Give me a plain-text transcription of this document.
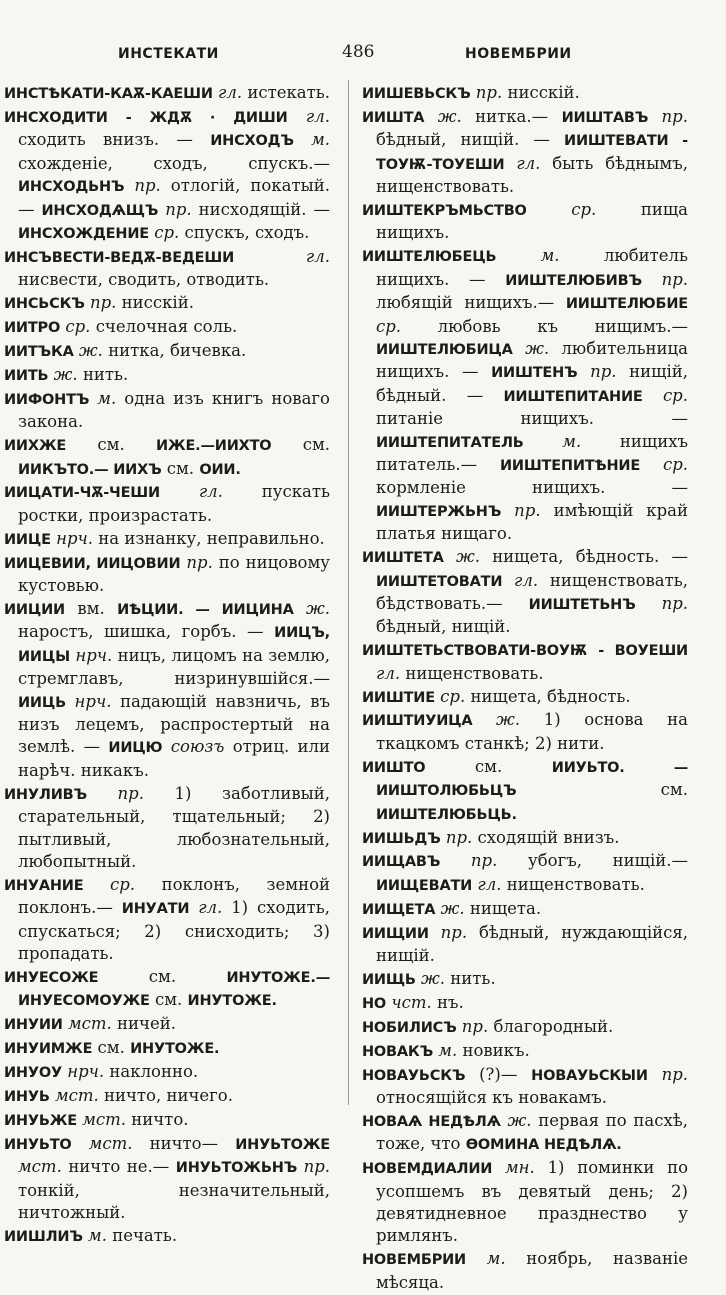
ИНСТЕКАТИ	486	НОВЕМБРИИ

ИНСТѢКАТИ-КАѪ-КАЕШИ гл. истекать.

ИНСХОДИТИ - ЖДѪ · ДИШИ гл. сходить внизъ. — ИНСХОДЪ м. схожденіе, сходъ, спускъ.— ИНСХОДЬНЪ пр. отлогій, покатый. — ИНСХОДѦЩЪ пр. нисходящій. — ИНСХОЖДЕНИЕ ср. спускъ, сходъ.

ИНСЪВЕСТИ-ВЕДѪ-ВЕДЕШИ	гл. нисвести, сводить, отводить.

ИНСЬСКЪ пр. нисскій.

ИИТРО ср. счелочная соль.

ИИТЪКА ж. нитка, бичевка.

ИИТЬ ж. нить.

ИИФОНТЪ м. одна изъ книгъ новаго закона.

ИИХЖЕ см. ИЖЕ.—ИИХТО см. ИИКЪТО.— ИИХЪ см. ОИИ.

ИИЦАТИ-ЧѪ-ЧЕШИ гл. пускать ростки, произрастать.

ИИЦЕ нрч. на изнанку, неправильно.

ИИЦЕВИИ, ИИЦОВИИ пр. по ницовому кустовью.

ИИЦИИ вм. ИѢЦИИ. — ИИЦИНА ж. наростъ, шишка, горбъ. — ИИЦЪ, ИИЦЫ нрч. ницъ, лицомъ на землю, стремглавъ, низринувшійся.— ИИЦЬ нрч. падающій навзничь, въ низъ лецемъ, распростертый на землѣ. — ИИЦЮ союзъ отриц. или нарѣч. никакъ.

ИНУЛИВЪ пр. 1) заботливый, старательный, тщательный; 2) пытливый, любознательный, любопытный.

ИНУАНИЕ ср. поклонъ, земной поклонъ.— ИНУАТИ гл. 1) сходить, спускаться; 2) снисходить; 3) пропадать.

ИНУЕСОЖЕ	см.	ИНУТОЖЕ.—ИНУЕСОМОУЖЕ см. ИНУТОЖЕ.

ИНУИИ мст. ничей.

ИНУИМЖЕ см. ИНУТОЖЕ.

ИНУОУ нрч. наклонно.

ИНУЬ мст. ничто, ничего.

ИНУЬЖЕ мст. ничто.

ИНУЬТО мст. ничто— ИНУЬТОЖЕ мст. ничто не.— ИНУЬТОЖЬНЪ пр. тонкій, незначительный, ничтожный.

ИИШЛИЪ м. печать.

ИИШЕВЬСКЪ пр. нисскій.

ИИШТА ж. нитка.— ИИШТАВЪ пр. бѣдный, нищій. — ИИШТЕВАТИ - ТОУѬ-ТОУЕШИ гл. быть бѣднымъ, нищенствовать.

ИИШТЕКРЪМЬСТВО	ср.	пища нищихъ.

ИИШТЕЛЮБЕЦЬ	м.	любитель нищихъ. — ИИШТЕЛЮБИВЪ пр. любящій нищихъ.— ИИШТЕЛЮБИЕ ср. любовь къ нищимъ.— ИИШТЕЛЮБИЦА ж. любительница нищихъ. — ИИШТЕНЪ пр. нищій, бѣдный. — ИИШТЕПИТАНИЕ ср. питаніе нищихъ. — ИИШТЕПИТАТЕЛЬ м. нищихъ питатель.— ИИШТЕПИТѢНИЕ ср. кормленіе нищихъ. — ИИШТЕРЖЬНЪ пр. имѣющій край платья нищаго.

ИИШТЕТА ж. нищета, бѣдность. — ИИШТЕТОВАТИ гл. нищенствовать, бѣдствовать.— ИИШТЕТЬНЪ пр. бѣдный, нищій.

ИИШТЕТЬСТВОВАТИ-ВОУѬ - ВОУЕШИ гл. нищенствовать.

ИИШТИЕ ср. нищета, бѣдность.

ИИШТИУИЦА ж. 1) основа на ткацкомъ станкѣ; 2) нити.

ИИШТО	см.	ИИУЬТО. — ИИШТОЛЮБЬЦЪ	см. ИИШТЕЛЮБЬЦЬ.

ИИШЬДЪ пр. сходящій внизъ.

ИИЩАВЪ пр. убогъ, нищій.— ИИЩЕВАТИ гл. нищенствовать.

ИИЩЕТА ж. нищета.

ИИЩИИ пр. бѣдный, нуждающійся, нищій.

ИИЩЬ ж. нить.

НО чст. нъ.

НОБИЛИСЪ пр. благородный.

НОВАКЪ м. новикъ.

НОВАУЬСКЪ (?)— НОВАУЬСКЫИ пр. относящійся къ новакамъ.

НОВАѦ НЕДѢЛѦ ж. первая по пасхѣ, тоже, что ѲОМИНА НЕДѢЛѦ.

НОВЕМДИАЛИИ мн. 1) поминки по усопшемъ въ девятый день; 2) девятидневное празднество у римлянъ.

НОВЕМБРИИ м. ноябрь, названіе мѣсяца.
